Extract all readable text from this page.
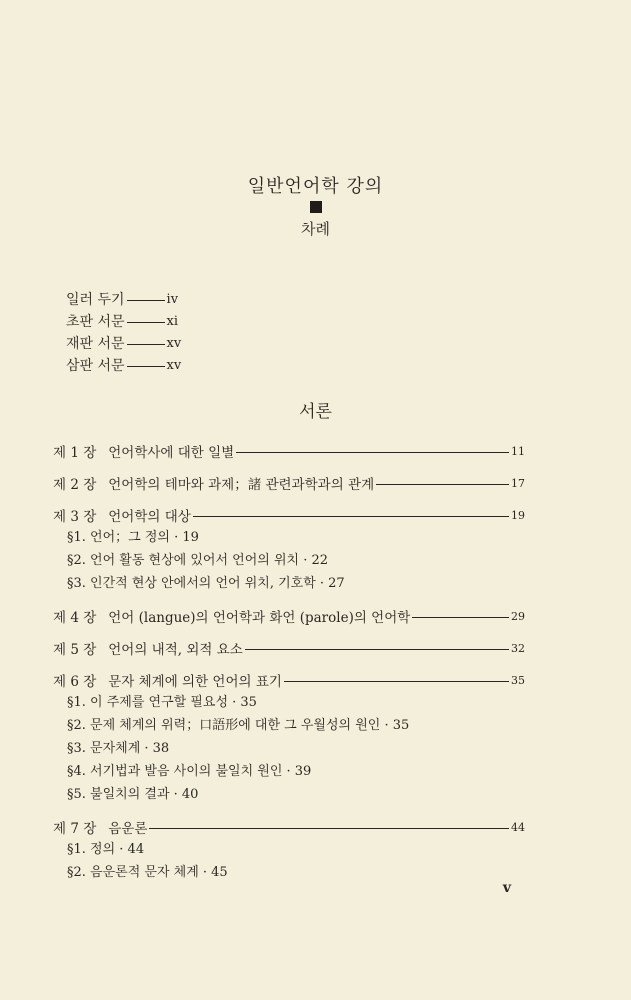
일반언어학 강의
차례
일러 두기	iv
초판 서문	xi
재판 서문	xv
삼판 서문	xv
서론
제 1 장 언어학사에 대한 일별	11
제 2 장 언어학의 테마와 과제；諸 관련과학과의 관계	17
제 3 장 언어학의 대상	19
§1. 언어；그 정의 · 19
§2. 언어 활동 현상에 있어서 언어의 위치 · 22
§3. 인간적 현상 안에서의 언어 위치, 기호학 · 27
제 4 장 언어 (langue)의 언어학과 화언 (parole)의 언어학	29
제 5 장 언어의 내적, 외적 요소	32
제 6 장 문자 체계에 의한 언어의 표기	35
§1. 이 주제를 연구할 필요성 · 35
§2. 문제 체계의 위력；口語形에 대한 그 우월성의 원인 · 35
§3. 문자체계 · 38
§4. 서기법과 발음 사이의 불일치 원인 · 39
§5. 불일치의 결과 · 40
제 7 장 음운론	44
§1. 정의 · 44
§2. 음운론적 문자 체계 · 45
v
